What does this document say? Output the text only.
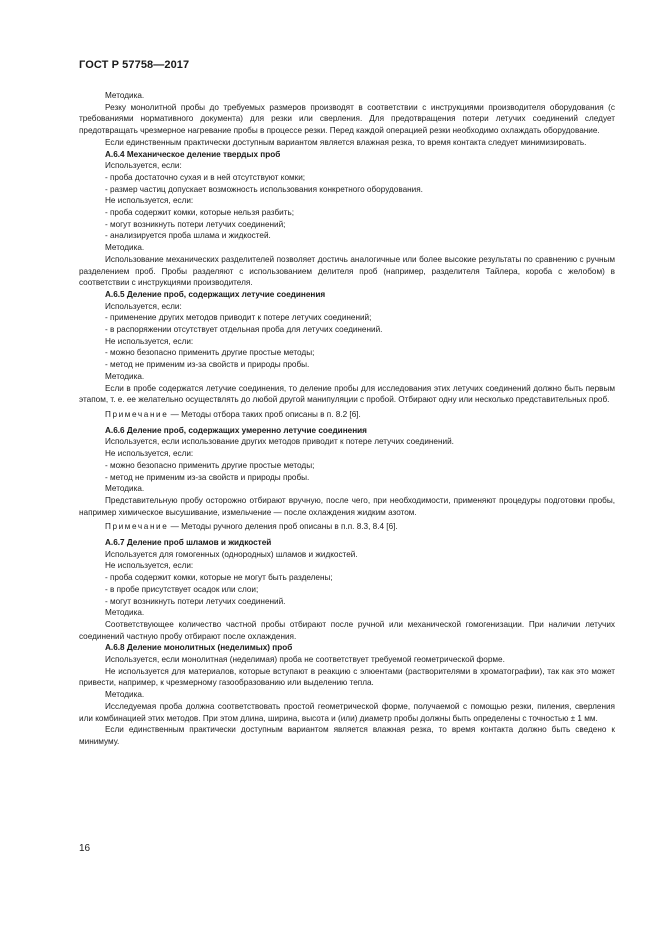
ГОСТ Р 57758—2017

Методика.

Резку монолитной пробы до требуемых размеров производят в соответствии с инструкциями производителя оборудования (с требованиями нормативного документа) для резки или сверления. Для предотвращения потери летучих соединений следует предотвращать чрезмерное нагревание пробы в процессе резки. Перед каждой операцией резки необходимо охлаждать оборудование.

Если единственным практически доступным вариантом является влажная резка, то время контакта следует минимизировать.

А.6.4 Механическое деление твердых проб

Используется, если:

- проба достаточно сухая и в ней отсутствуют комки;

- размер частиц допускает возможность использования конкретного оборудования.

Не используется, если:

- проба содержит комки, которые нельзя разбить;

- могут возникнуть потери летучих соединений;

- анализируется проба шлама и жидкостей.

Методика.

Использование механических разделителей позволяет достичь аналогичные или более высокие результаты по сравнению с ручным разделением проб. Пробы разделяют с использованием делителя проб (например, разделителя Тайлера, короба с желобом) в соответствии с инструкциями производителя.

А.6.5 Деление проб, содержащих летучие соединения

Используется, если:

- применение других методов приводит к потере летучих соединений;

- в распоряжении отсутствует отдельная проба для летучих соединений.

Не используется, если:

- можно безопасно применить другие простые методы;

- метод не применим из-за свойств и природы пробы.

Методика.

Если в пробе содержатся летучие соединения, то деление пробы для исследования этих летучих соединений должно быть первым этапом, т. е. ее желательно осуществлять до любой другой манипуляции с пробой. Отбирают одну или несколько представительных проб.

Примечание — Методы отбора таких проб описаны в п. 8.2 [6].

А.6.6 Деление проб, содержащих умеренно летучие соединения

Используется, если использование других методов приводит к потере летучих соединений.

Не используется, если:

- можно безопасно применить другие простые методы;

- метод не применим из-за свойств и природы пробы.

Методика.

Представительную пробу осторожно отбирают вручную, после чего, при необходимости, применяют процедуры подготовки пробы, например химическое высушивание, измельчение — после охлаждения жидким азотом.

Примечание — Методы ручного деления проб описаны в п.п. 8.3, 8.4 [6].

А.6.7 Деление проб шламов и жидкостей

Используется для гомогенных (однородных) шламов и жидкостей.

Не используется, если:

- проба содержит комки, которые не могут быть разделены;

- в пробе присутствует осадок или слои;

- могут возникнуть потери летучих соединений.

Методика.

Соответствующее количество частной пробы отбирают после ручной или механической гомогенизации. При наличии летучих соединений частную пробу отбирают после охлаждения.

А.6.8 Деление монолитных (неделимых) проб

Используется, если монолитная (неделимая) проба не соответствует требуемой геометрической форме.

Не используется для материалов, которые вступают в реакцию с элюентами (растворителями в хроматографии), так как это может привести, например, к чрезмерному газообразованию или выделению тепла.

Методика.

Исследуемая проба должна соответствовать простой геометрической форме, получаемой с помощью резки, пиления, сверления или комбинацией этих методов. При этом длина, ширина, высота и (или) диаметр пробы должны быть определены с точностью ± 1 мм.

Если единственным практически доступным вариантом является влажная резка, то время контакта должно быть сведено к минимуму.

16
